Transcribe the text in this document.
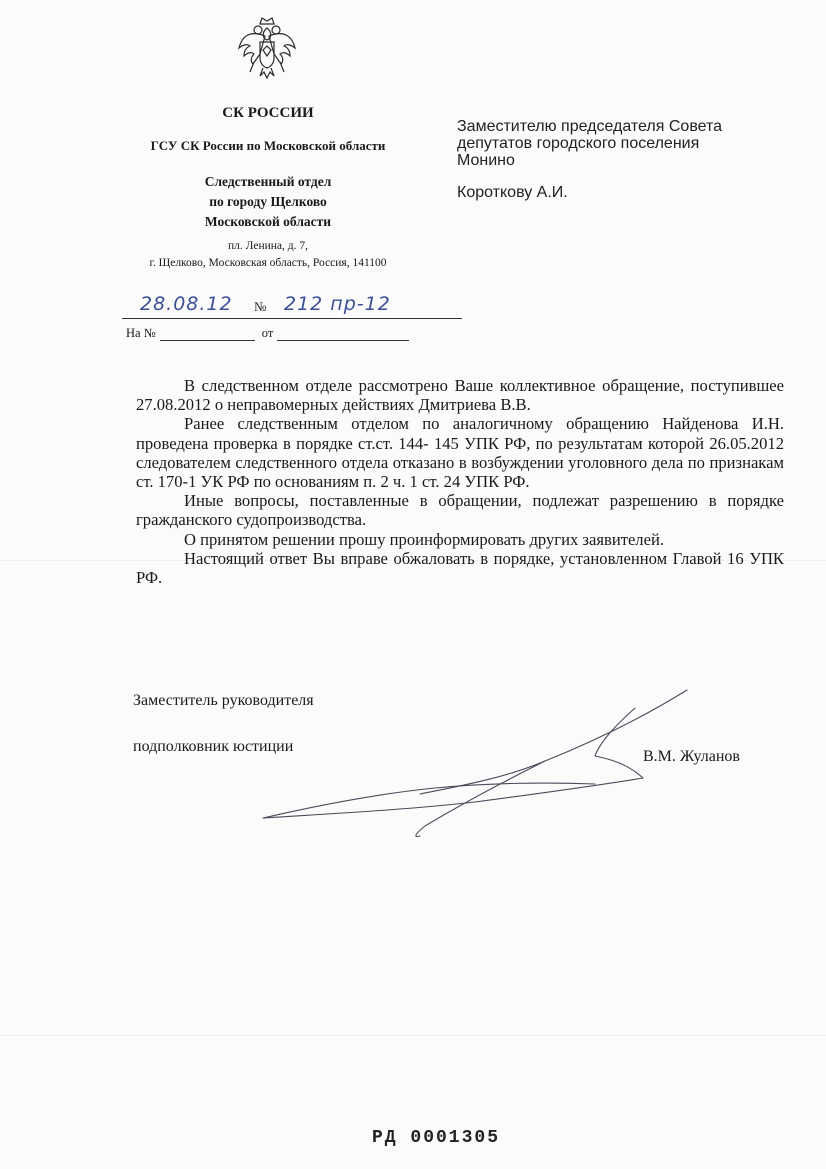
СК РОССИИ
ГСУ СК России по Московской области
Следственный отдел
по городу Щелково
Московской области
пл. Ленина, д. 7,
г. Щелково, Московская область, Россия, 141100
Заместителю председателя Совета
депутатов городского поселения
Монино
Короткову А.И.
28.08.12 № 212 пр-12
На №	от

В следственном отделе рассмотрено Ваше коллективное обращение, поступившее 27.08.2012 о неправомерных действиях Дмитриева В.В.

Ранее следственным отделом по аналогичному обращению Найденова И.Н. проведена проверка в порядке ст.ст. 144- 145 УПК РФ, по результатам которой 26.05.2012 следователем следственного отдела отказано в возбуждении уголовного дела по признакам ст. 170-1 УК РФ по основаниям п. 2 ч. 1 ст. 24 УПК РФ.

Иные вопросы, поставленные в обращении, подлежат разрешению в порядке гражданского судопроизводства.

О принятом решении прошу проинформировать других заявителей.

Настоящий ответ Вы вправе обжаловать в порядке, установленном Главой 16 УПК РФ.

Заместитель руководителя
подполковник юстиции
В.М. Жуланов
РД 0001305
